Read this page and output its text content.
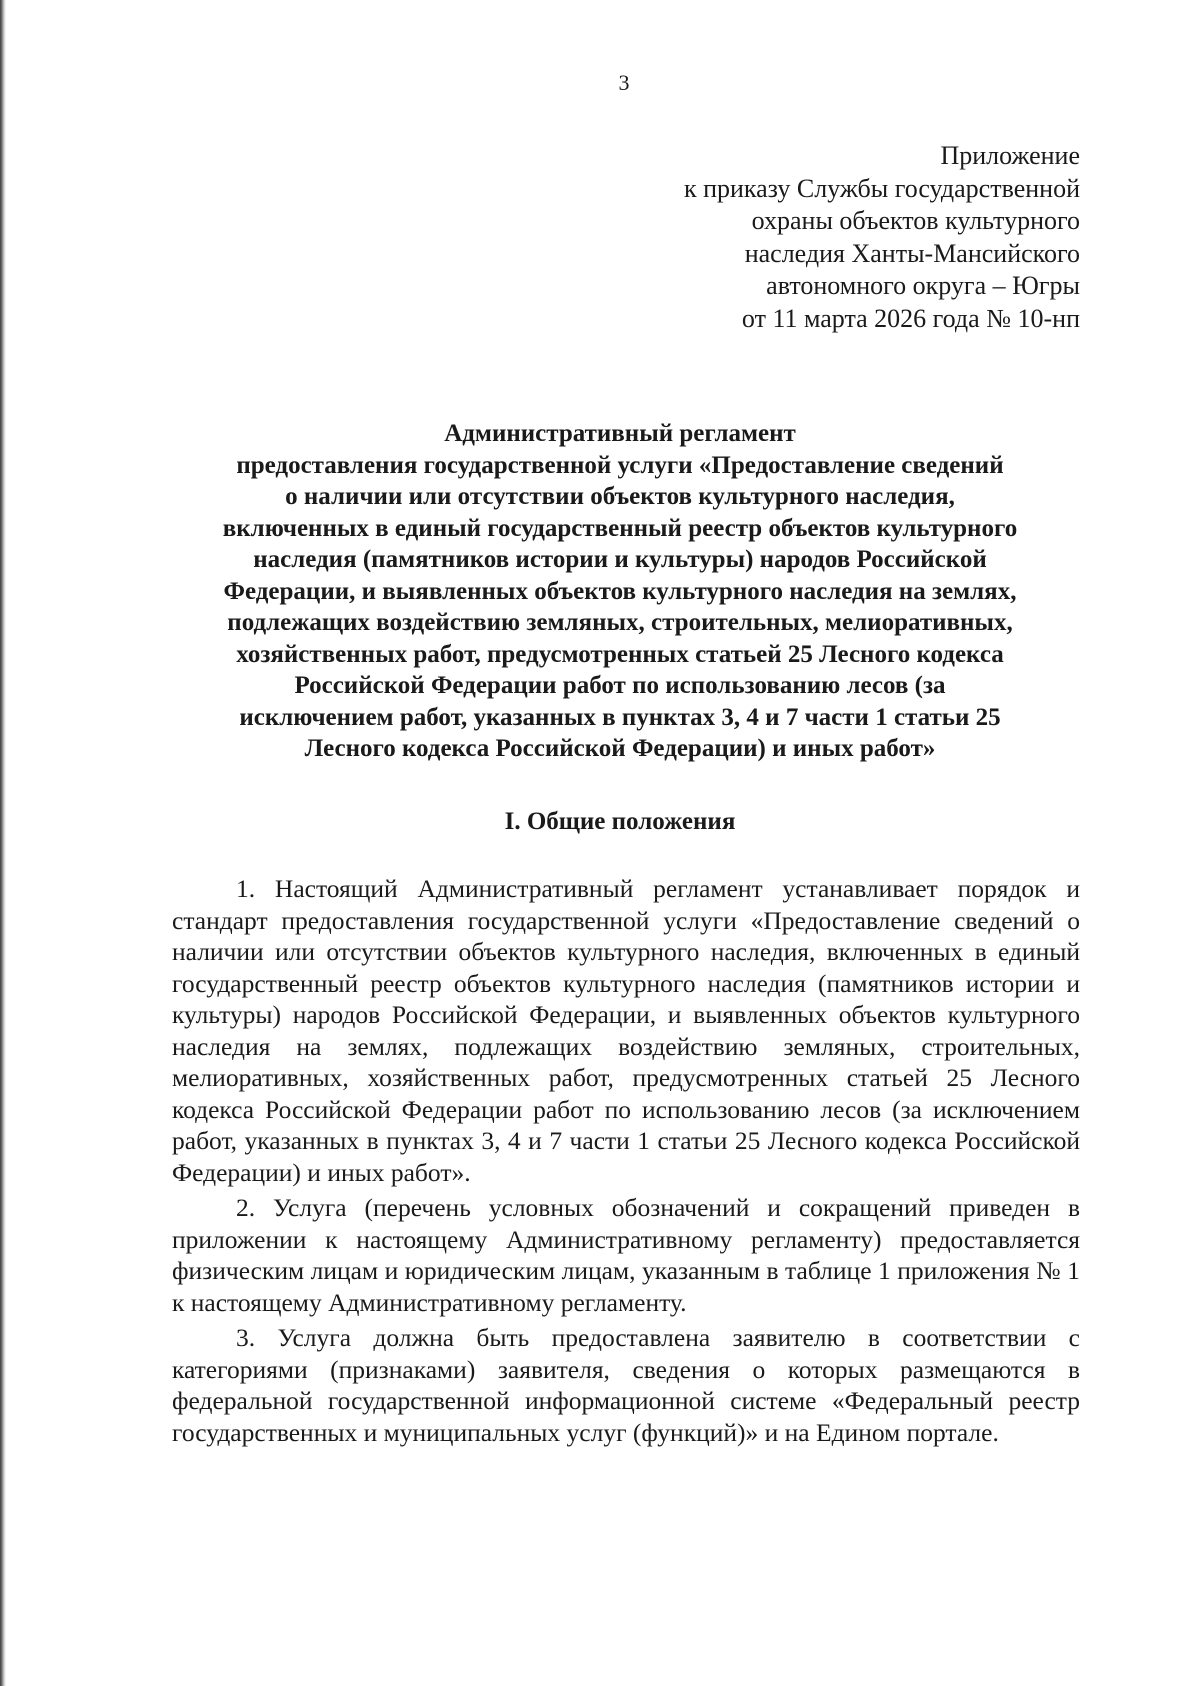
3
Приложение
к приказу Службы государственной
охраны объектов культурного
наследия Ханты-Мансийского
автономного округа – Югры
от 11 марта 2026 года № 10-нп
Административный регламент
предоставления государственной услуги «Предоставление сведений
о наличии или отсутствии объектов культурного наследия,
включенных в единый государственный реестр объектов культурного
наследия (памятников истории и культуры) народов Российской
Федерации, и выявленных объектов культурного наследия на землях,
подлежащих воздействию земляных, строительных, мелиоративных,
хозяйственных работ, предусмотренных статьей 25 Лесного кодекса
Российской Федерации работ по использованию лесов (за
исключением работ, указанных в пунктах 3, 4 и 7 части 1 статьи 25
Лесного кодекса Российской Федерации) и иных работ»
I. Общие положения

1. Настоящий Административный регламент устанавливает порядок и стандарт предоставления государственной услуги «Предоставление сведений о наличии или отсутствии объектов культурного наследия, включенных в единый государственный реестр объектов культурного наследия (памятников истории и культуры) народов Российской Федерации, и выявленных объектов культурного наследия на землях, подлежащих воздействию земляных, строительных, мелиоративных, хозяйственных работ, предусмотренных статьей 25 Лесного кодекса Российской Федерации работ по использованию лесов (за исключением работ, указанных в пунктах 3, 4 и 7 части 1 статьи 25 Лесного кодекса Российской Федерации) и иных работ».

2. Услуга (перечень условных обозначений и сокращений приведен в приложении к настоящему Административному регламенту) предоставляется физическим лицам и юридическим лицам, указанным в таблице 1 приложения № 1 к настоящему Административному регламенту.

3. Услуга должна быть предоставлена заявителю в соответствии с категориями (признаками) заявителя, сведения о которых размещаются в федеральной государственной информационной системе «Федеральный реестр государственных и муниципальных услуг (функций)» и на Едином портале.
